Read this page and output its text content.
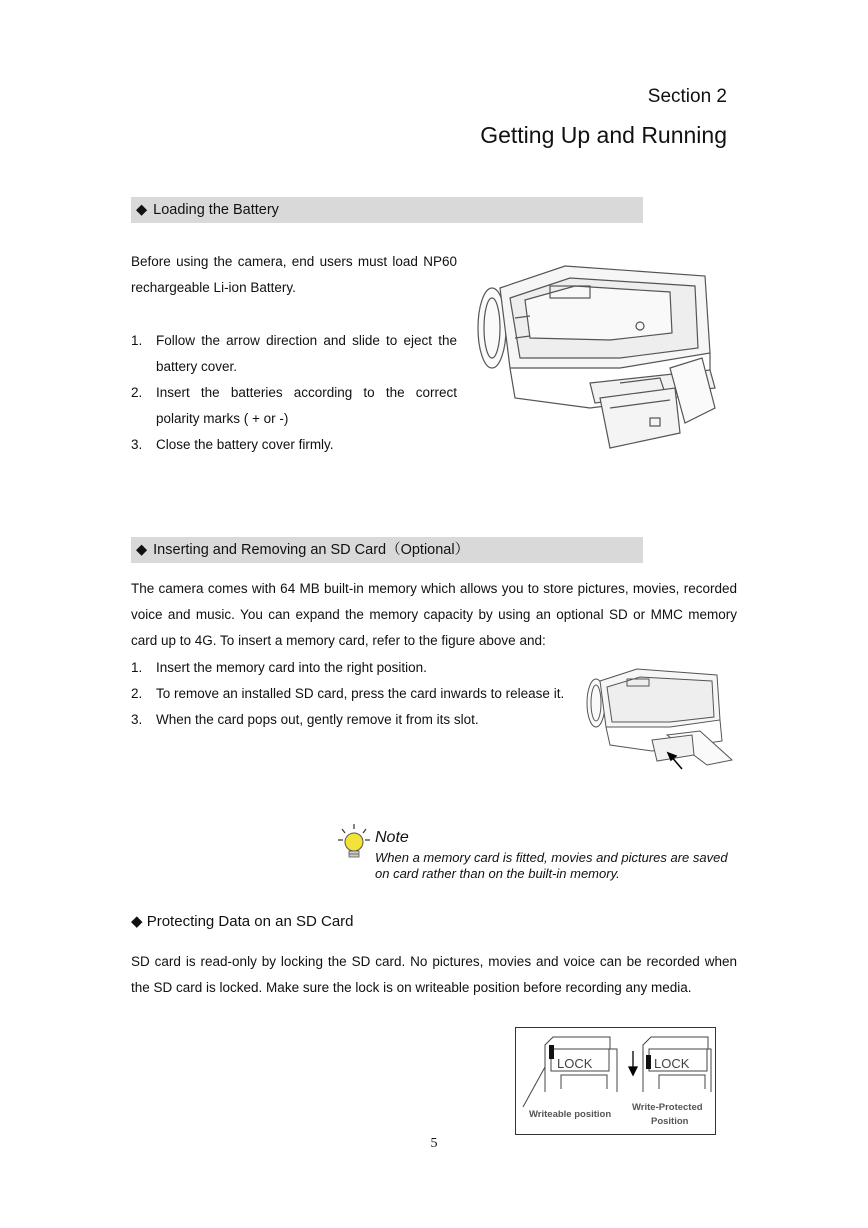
Section 2
Getting Up and Running
◆ Loading the Battery
Before using the camera, end users must load NP60 rechargeable Li-ion Battery.
1. Follow the arrow direction and slide to eject the battery cover.
2. Insert the batteries according to the correct polarity marks ( + or -)
3. Close the battery cover firmly.
◆ Inserting and Removing an SD Card（Optional）
The camera comes with 64 MB built-in memory which allows you to store pictures, movies, recorded voice and music. You can expand the memory capacity by using an optional SD or MMC memory card up to 4G. To insert a memory card, refer to the figure above and:
1. Insert the memory card into the right position.
2. To remove an installed SD card, press the card inwards to release it.
3. When the card pops out, gently remove it from its slot.
Note
When a memory card is fitted, movies and pictures are saved on card rather than on the built-in memory.
◆ Protecting Data on an SD Card
SD card is read-only by locking the SD card. No pictures, movies and voice can be recorded when the SD card is locked. Make sure the lock is on writeable position before recording any media.
LOCK	LOCK
Writeable position
Write-Protected
Position
5
